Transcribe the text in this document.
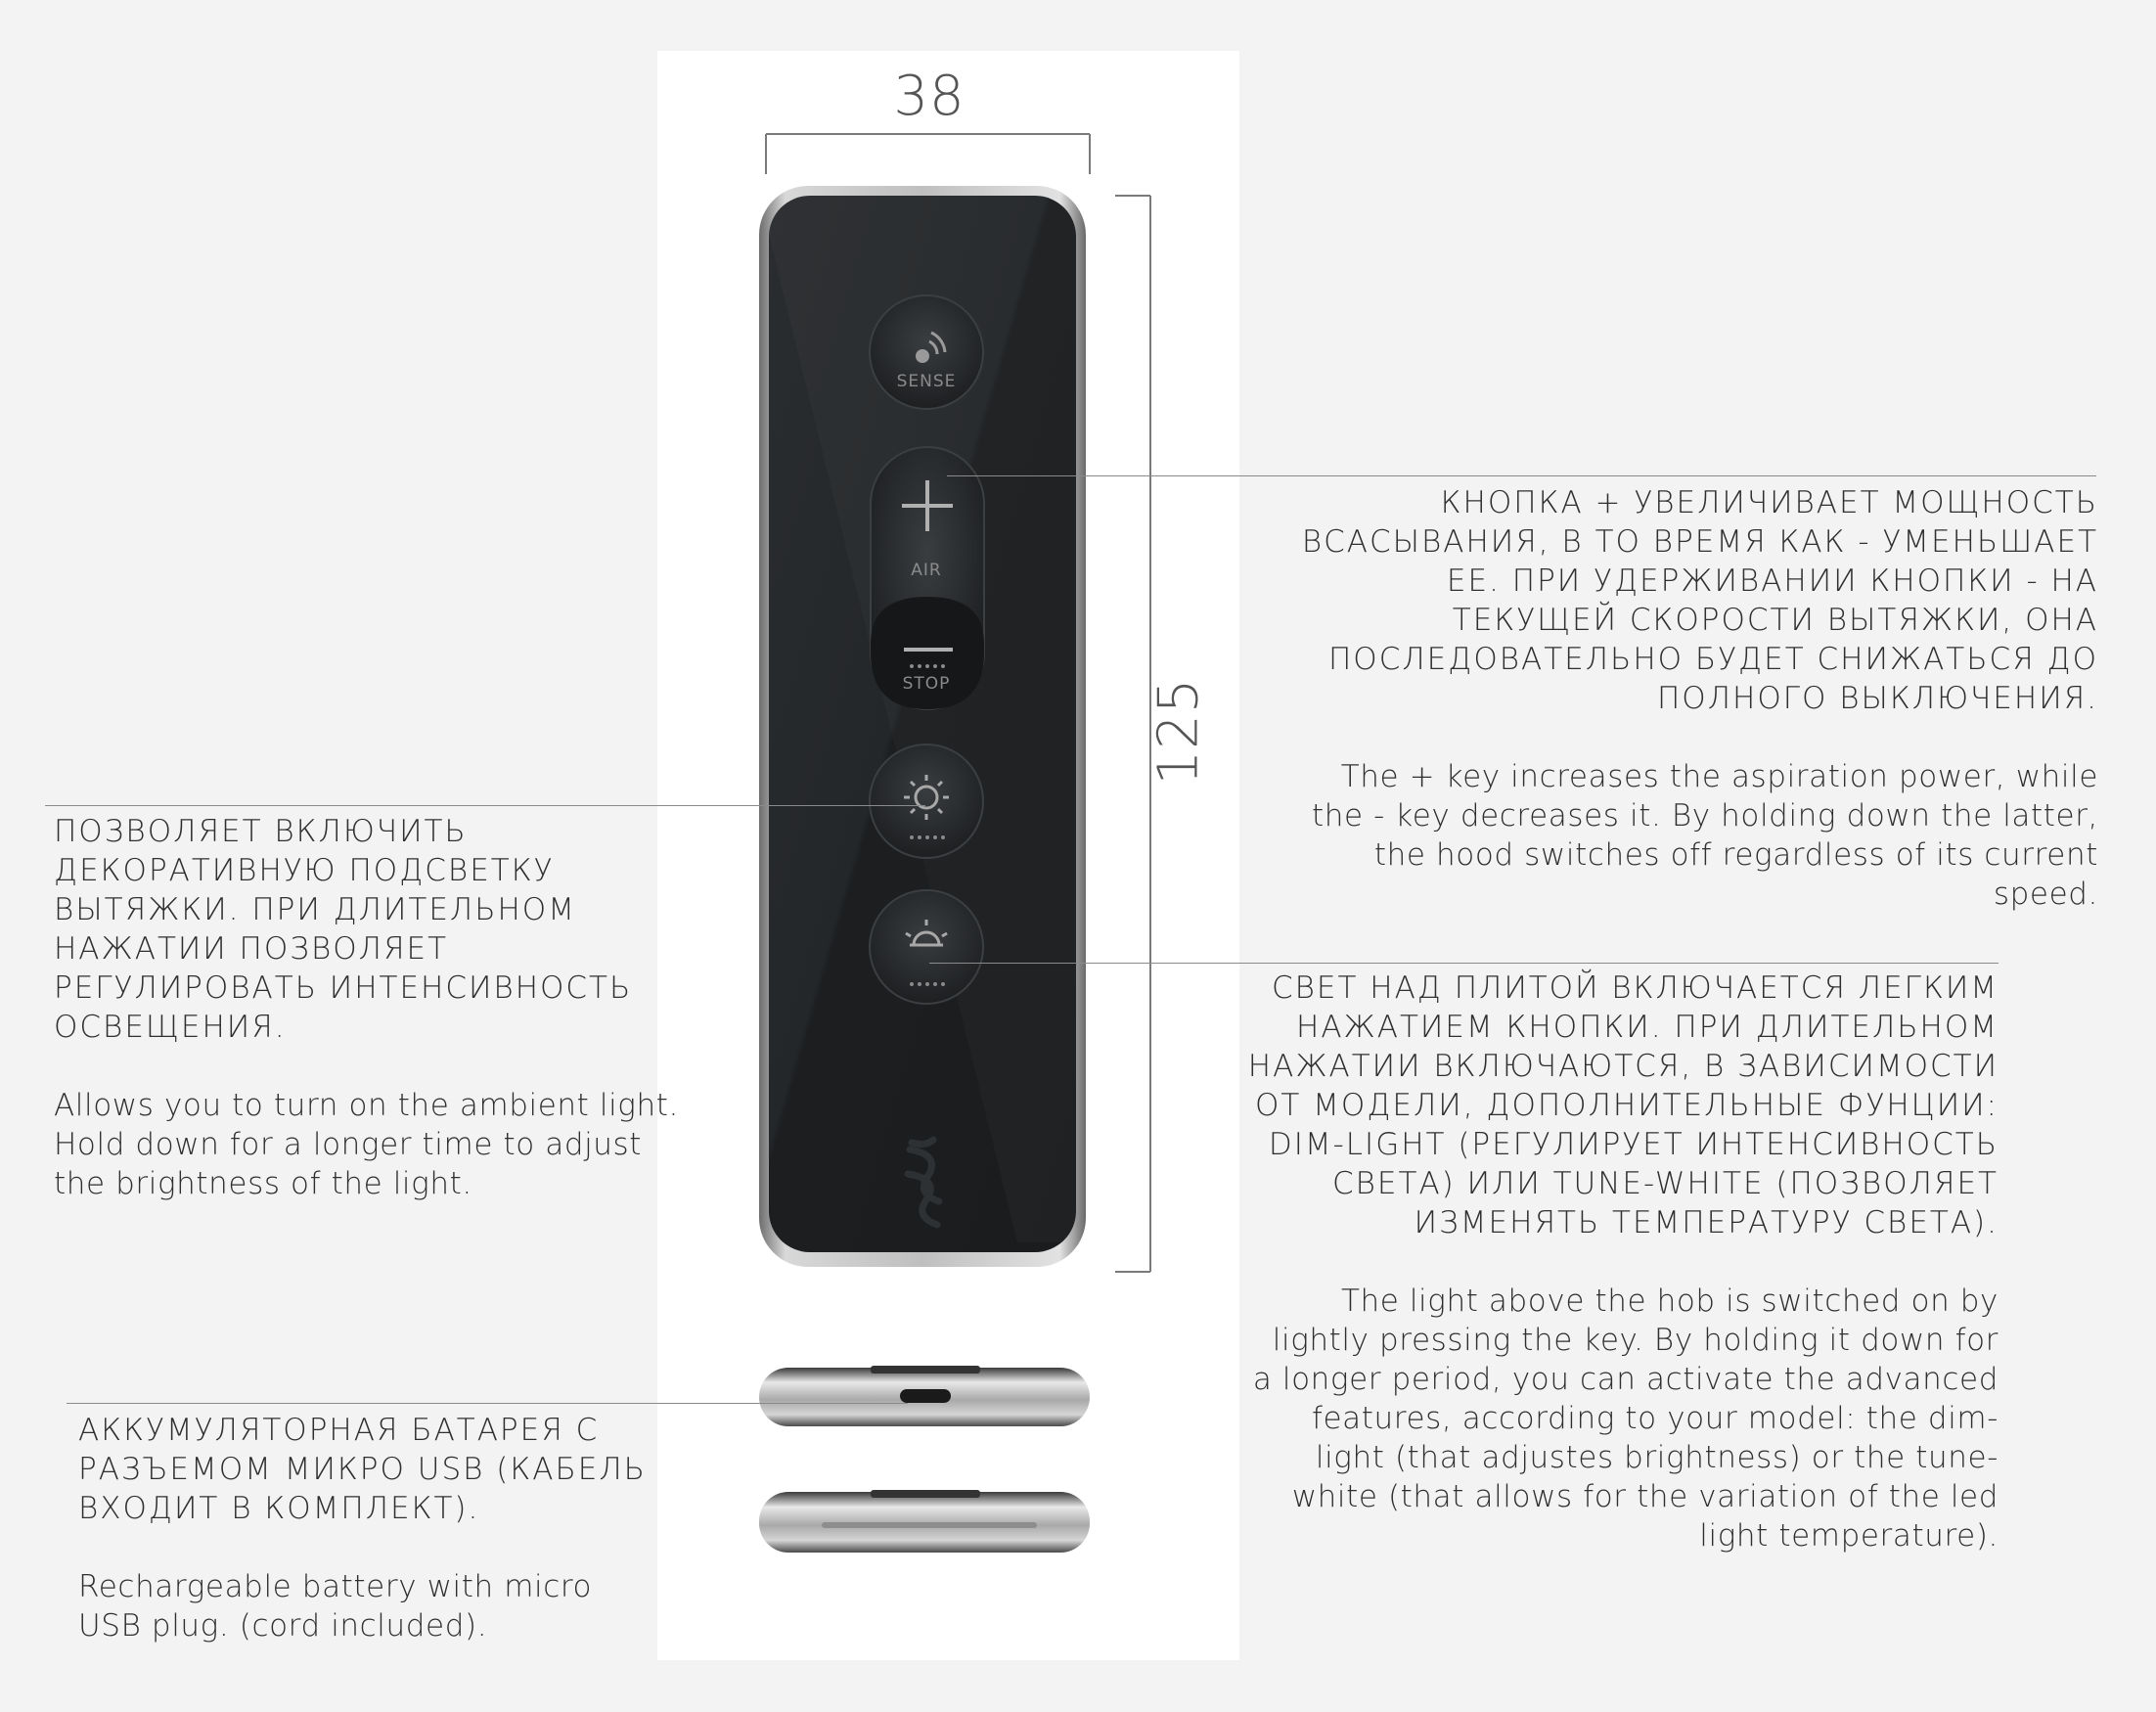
SENSE
AIR
STOP
38
125

КНОПКА + УВЕЛИЧИВАЕТ МОЩНОСТЬ ВСАСЫВАНИЯ, В ТО ВРЕМЯ КАК - УМЕНЬШАЕТ ЕЕ. ПРИ УДЕРЖИВАНИИ КНОПКИ - НА ТЕКУЩЕЙ СКОРОСТИ ВЫТЯЖКИ, ОНА ПОСЛЕДОВАТЕЛЬНО БУДЕТ СНИЖАТЬСЯ ДО ПОЛНОГО ВЫКЛЮЧЕНИЯ.

The + key increases the aspiration power, while the - key decreases it. By holding down the latter, the hood switches off regardless of its current speed.

ПОЗВОЛЯЕТ ВКЛЮЧИТЬ ДЕКОРАТИВНУЮ ПОДСВЕТКУ ВЫТЯЖКИ. ПРИ ДЛИТЕЛЬНОМ НАЖАТИИ ПОЗВОЛЯЕТ РЕГУЛИРОВАТЬ ИНТЕНСИВНОСТЬ ОСВЕЩЕНИЯ.

Allows you to turn on the ambient light. Hold down for a longer time to adjust the brightness of the light.

СВЕТ НАД ПЛИТОЙ ВКЛЮЧАЕТСЯ ЛЕГКИМ НАЖАТИЕМ КНОПКИ. ПРИ ДЛИТЕЛЬНОМ НАЖАТИИ ВКЛЮЧАЮТСЯ, В ЗАВИСИМОСТИ ОТ МОДЕЛИ, ДОПОЛНИТЕЛЬНЫЕ ФУНЦИИ: DIM-LIGHT (РЕГУЛИРУЕТ ИНТЕНСИВНОСТЬ СВЕТА) ИЛИ TUNE-WHITE (ПОЗВОЛЯЕТ ИЗМЕНЯТЬ ТЕМПЕРАТУРУ СВЕТА).

The light above the hob is switched on by lightly pressing the key. By holding it down for a longer period, you can activate the advanced features, according to your model: the dim-light (that adjustes brightness) or the tune-white (that allows for the variation of the led light temperature).

АККУМУЛЯТОРНАЯ БАТАРЕЯ С РАЗЪЕМОМ МИКРО USB (КАБЕЛЬ ВХОДИТ В КОМПЛЕКТ).

Rechargeable battery with micro USB plug. (cord included).
